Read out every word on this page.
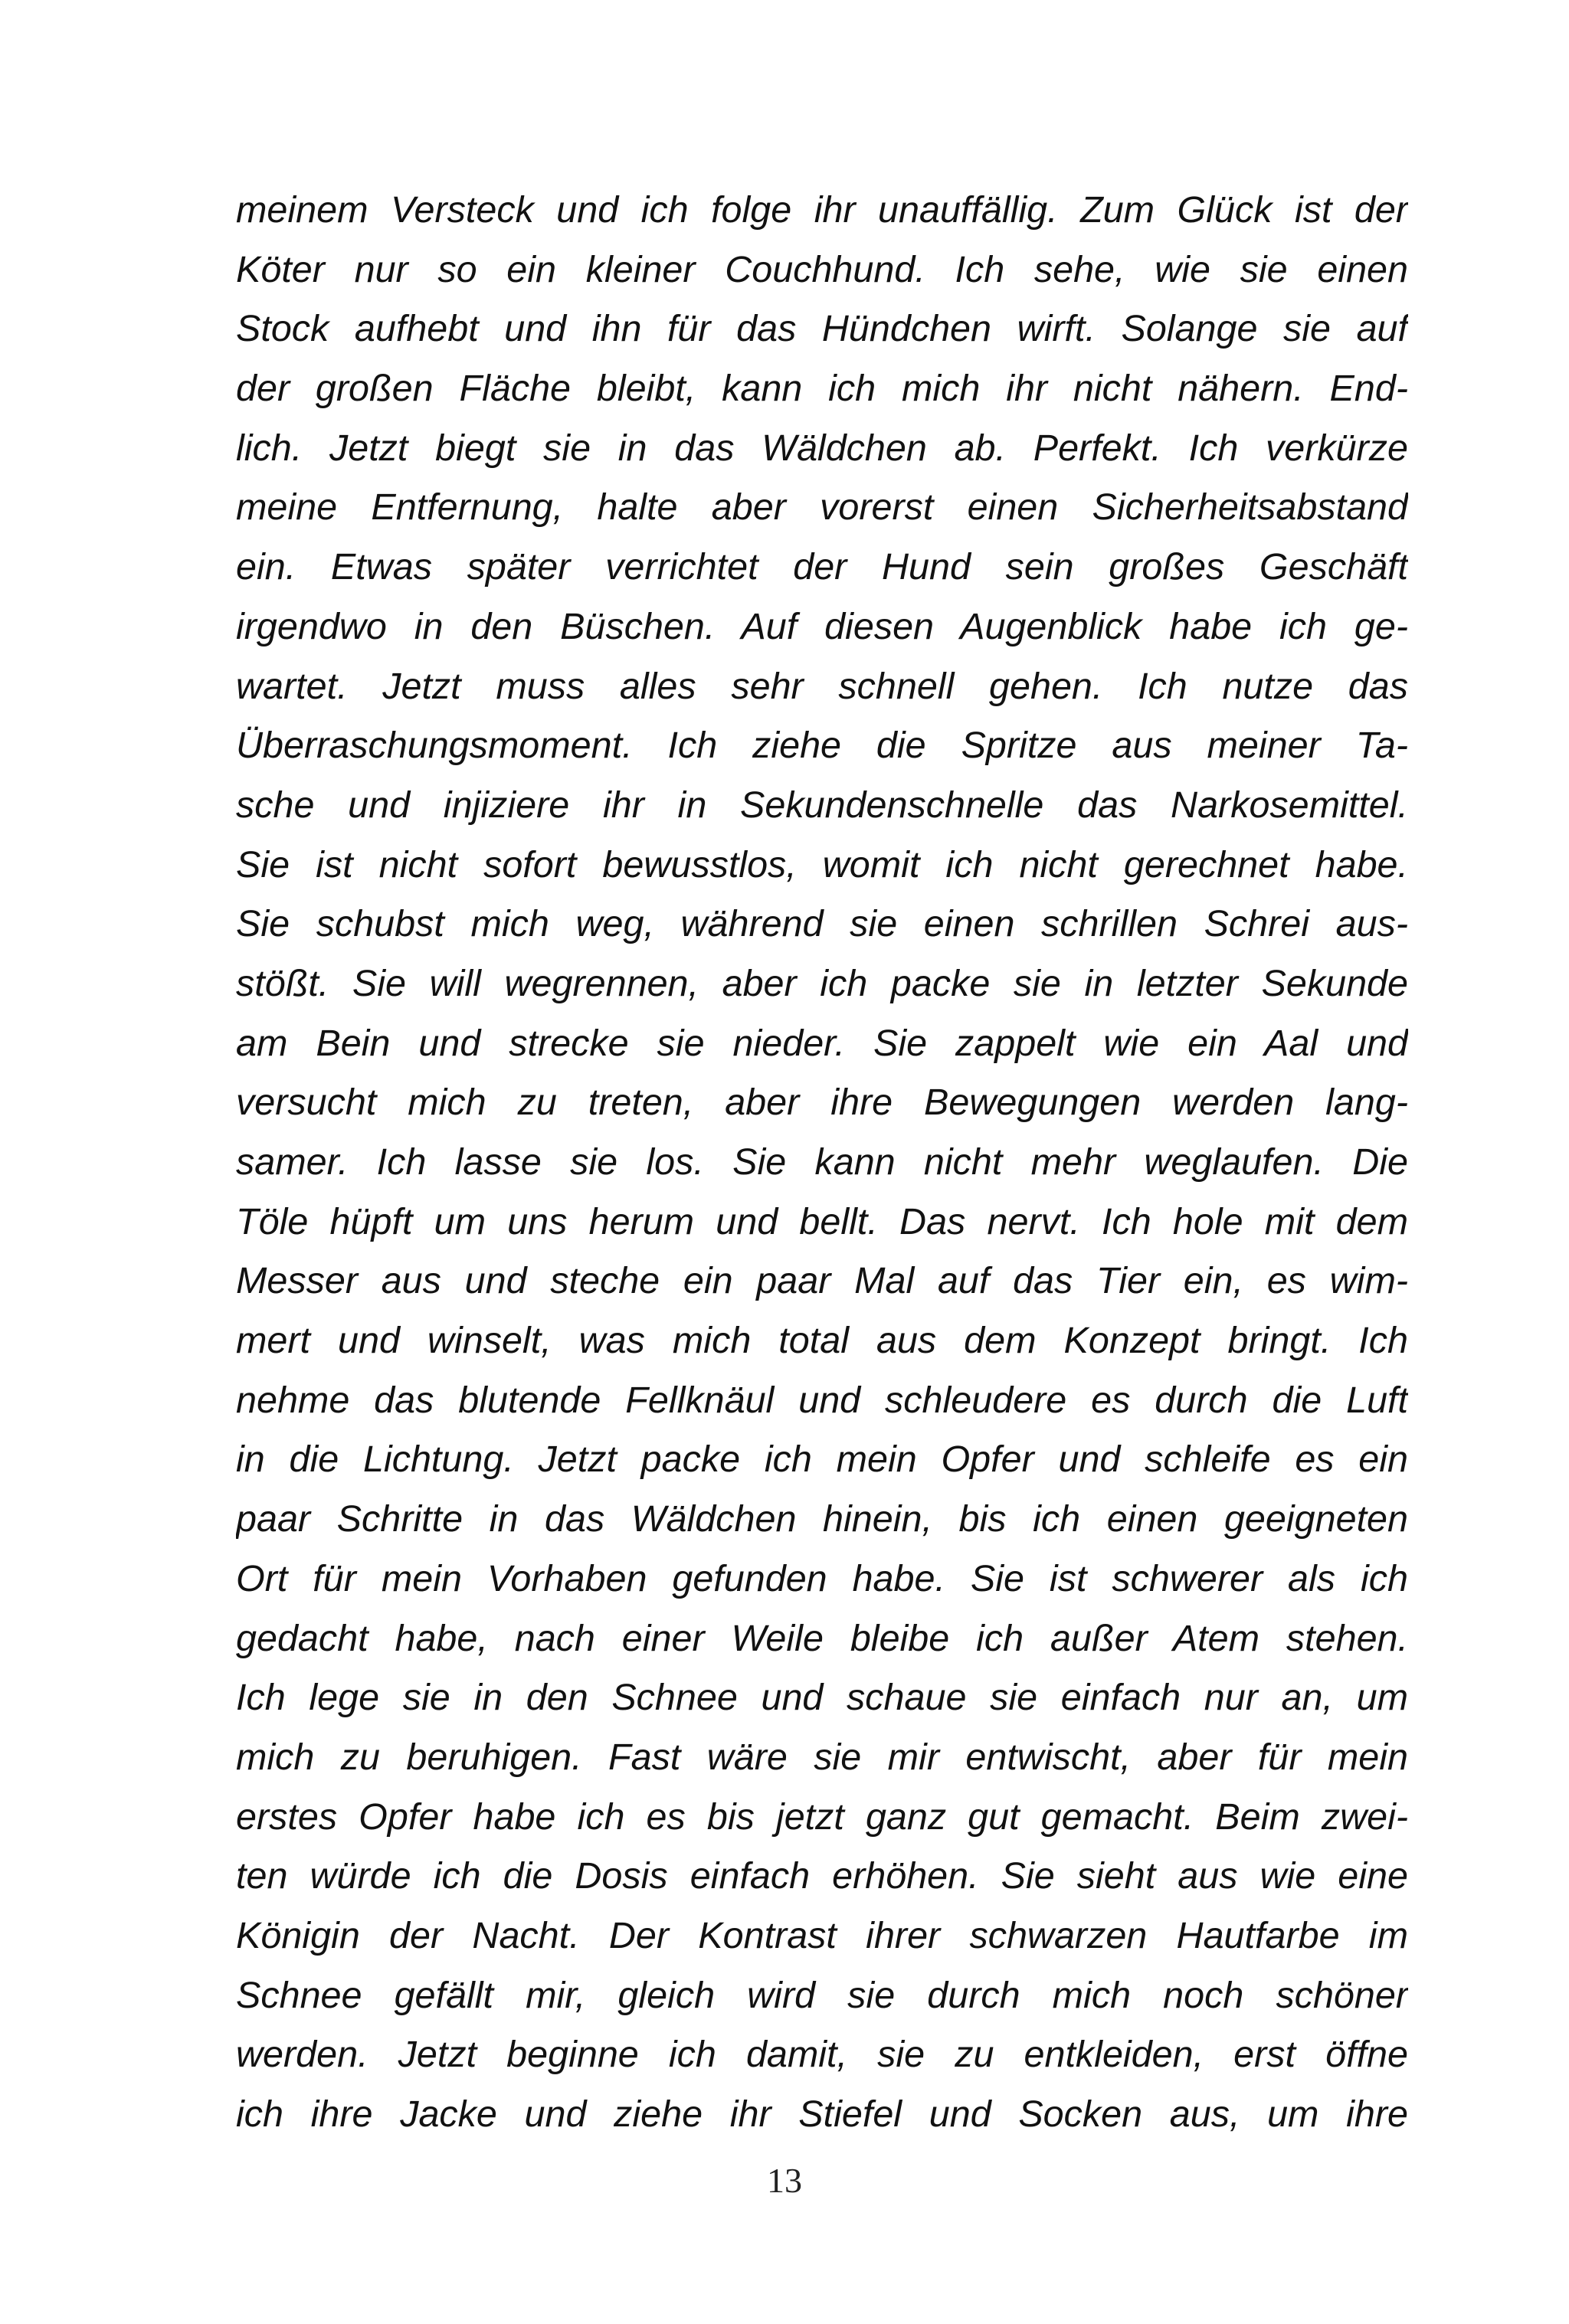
meinem Versteck und ich folge ihr unauffällig. Zum Glück ist der
Köter nur so ein kleiner Couchhund. Ich sehe, wie sie einen
Stock aufhebt und ihn für das Hündchen wirft. Solange sie auf
der großen Fläche bleibt, kann ich mich ihr nicht nähern. End-
lich. Jetzt biegt sie in das Wäldchen ab. Perfekt. Ich verkürze
meine Entfernung, halte aber vorerst einen Sicherheitsabstand
ein. Etwas später verrichtet der Hund sein großes Geschäft
irgendwo in den Büschen. Auf diesen Augenblick habe ich ge-
wartet. Jetzt muss alles sehr schnell gehen. Ich nutze das
Überraschungsmoment. Ich ziehe die Spritze aus meiner Ta-
sche und injiziere ihr in Sekundenschnelle das Narkosemittel.
Sie ist nicht sofort bewusstlos, womit ich nicht gerechnet habe.
Sie schubst mich weg, während sie einen schrillen Schrei aus-
stößt. Sie will wegrennen, aber ich packe sie in letzter Sekunde
am Bein und strecke sie nieder. Sie zappelt wie ein Aal und
versucht mich zu treten, aber ihre Bewegungen werden lang-
samer. Ich lasse sie los. Sie kann nicht mehr weglaufen. Die
Töle hüpft um uns herum und bellt. Das nervt. Ich hole mit dem
Messer aus und steche ein paar Mal auf das Tier ein, es wim-
mert und winselt, was mich total aus dem Konzept bringt. Ich
nehme das blutende Fellknäul und schleudere es durch die Luft
in die Lichtung. Jetzt packe ich mein Opfer und schleife es ein
paar Schritte in das Wäldchen hinein, bis ich einen geeigneten
Ort für mein Vorhaben gefunden habe. Sie ist schwerer als ich
gedacht habe, nach einer Weile bleibe ich außer Atem stehen.
Ich lege sie in den Schnee und schaue sie einfach nur an, um
mich zu beruhigen. Fast wäre sie mir entwischt, aber für mein
erstes Opfer habe ich es bis jetzt ganz gut gemacht. Beim zwei-
ten würde ich die Dosis einfach erhöhen. Sie sieht aus wie eine
Königin der Nacht. Der Kontrast ihrer schwarzen Hautfarbe im
Schnee gefällt mir, gleich wird sie durch mich noch schöner
werden. Jetzt beginne ich damit, sie zu entkleiden, erst öffne
ich ihre Jacke und ziehe ihr Stiefel und Socken aus, um ihre
13
